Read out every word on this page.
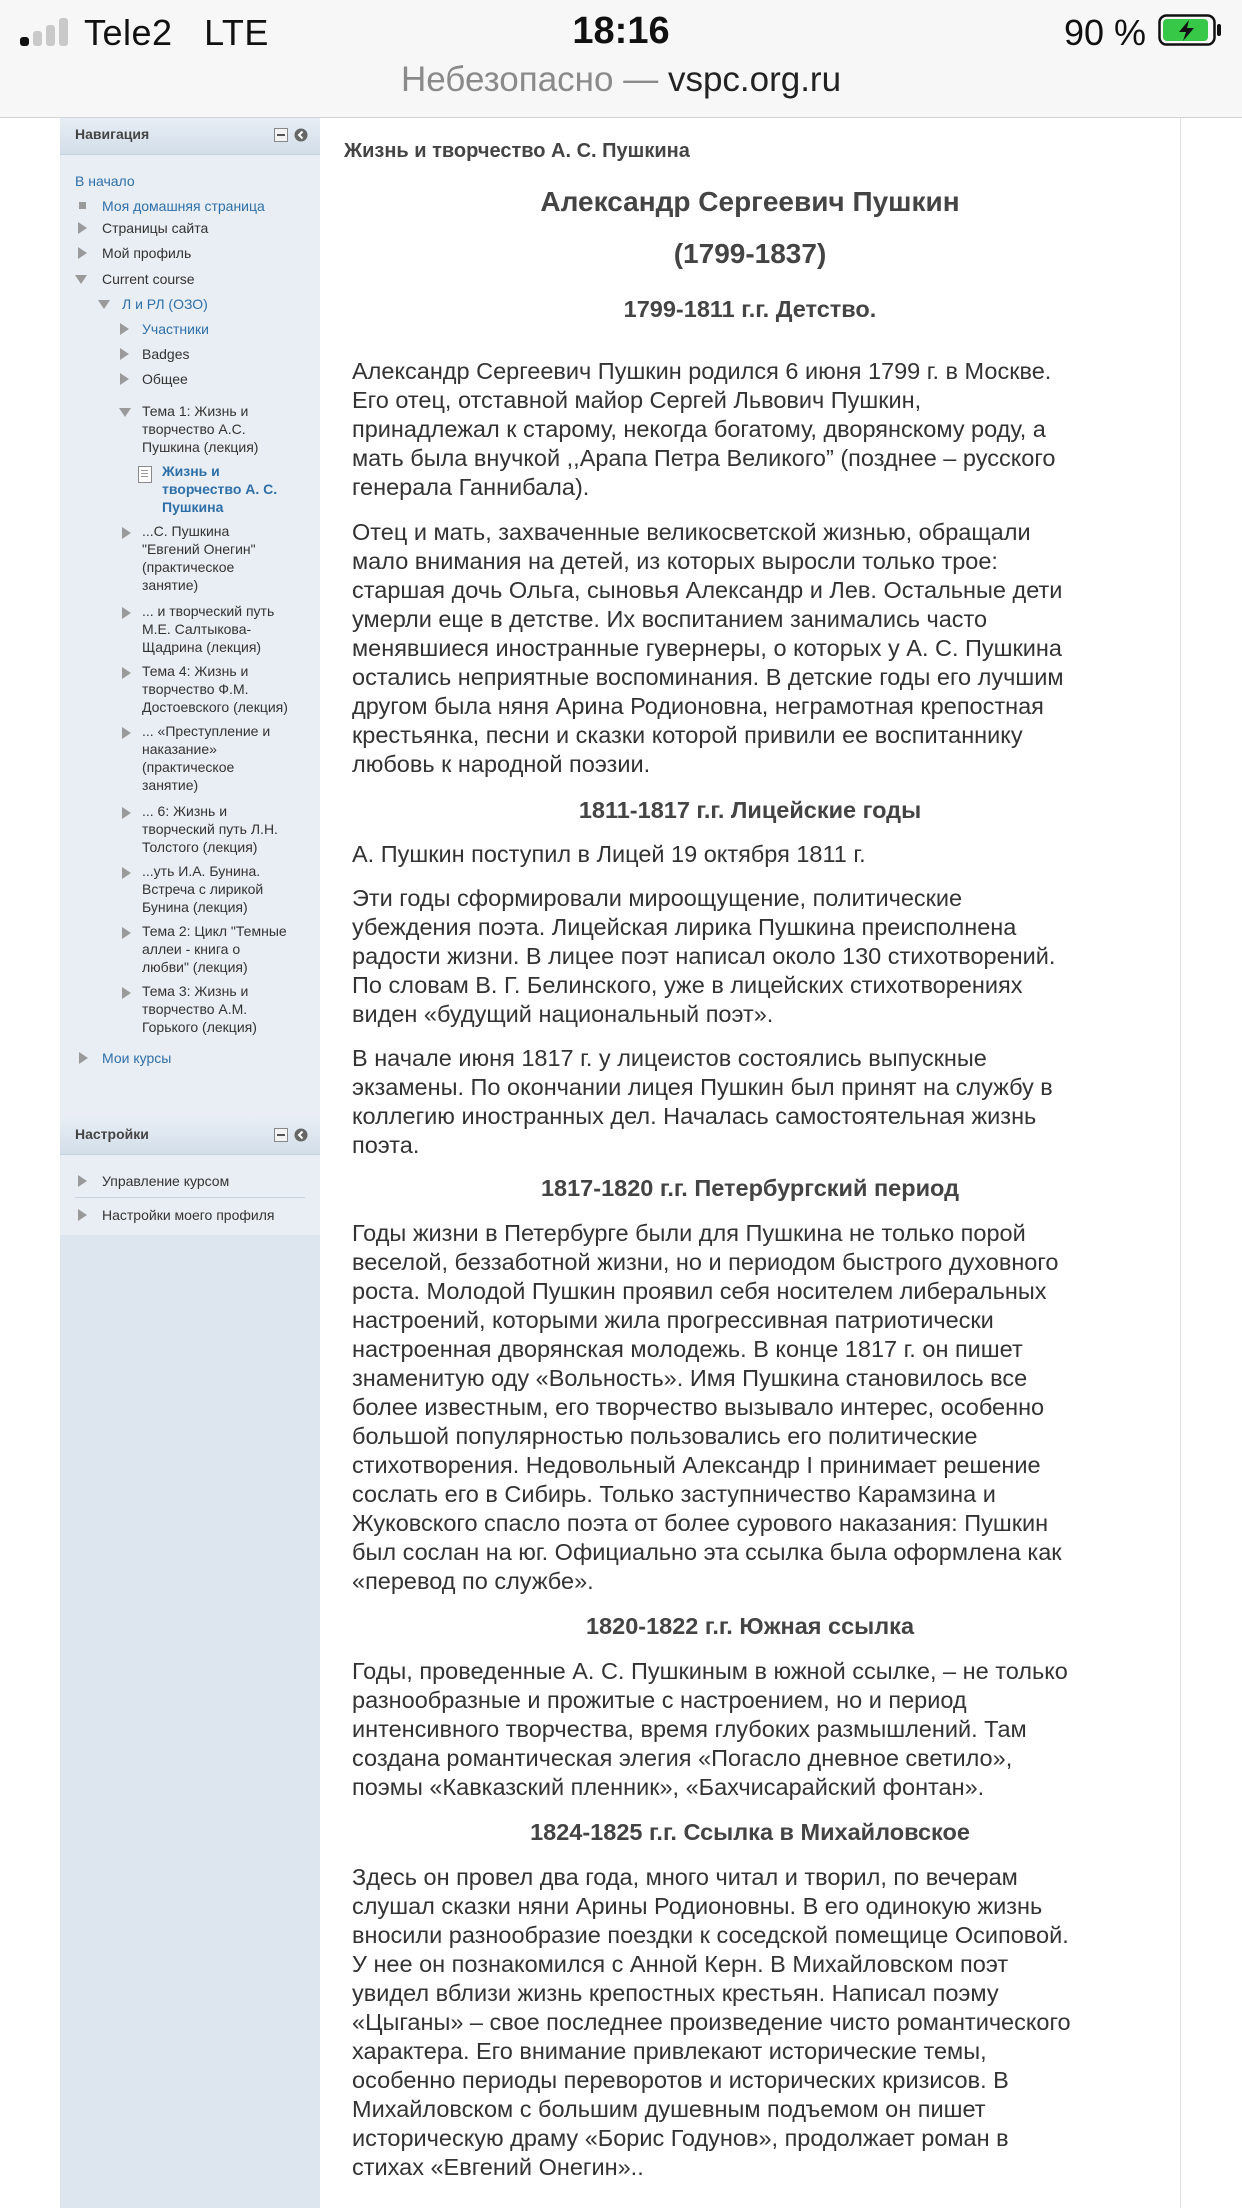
Tele2 LTE	18:16	90 %
Небезопасно — vspc.org.ru
Навигация
В начало
Моя домашняя страница
Страницы сайта
Мой профиль
Current course
Л и РЛ (ОЗО)
Участники
Badges
Общее
Тема 1: Жизнь и
творчество А.С.
Пушкина (лекция)
Жизнь и
творчество А. С.
Пушкина
...С. Пушкина
"Евгений Онегин"
(практическое
занятие)
... и творческий путь
М.Е. Салтыкова-
Щадрина (лекция)
Тема 4: Жизнь и
творчество Ф.М.
Достоевского (лекция)
... «Преступление и
наказание»
(практическое
занятие)
... 6: Жизнь и
творческий путь Л.Н.
Толстого (лекция)
...уть И.А. Бунина.
Встреча с лирикой
Бунина (лекция)
Тема 2: Цикл "Темные
аллеи - книга о
любви" (лекция)
Тема 3: Жизнь и
творчество А.М.
Горького (лекция)
Мои курсы
Настройки
Управление курсом
Настройки моего профиля
Жизнь и творчество А. С. Пушкина
Александр Сергеевич Пушкин
(1799-1837)
1799-1811 г.г. Детство.
Александр Сергеевич Пушкин родился 6 июня 1799 г. в Москве.
Его отец, отставной майор Сергей Львович Пушкин,
принадлежал к старому, некогда богатому, дворянскому роду, а
мать была внучкой ,,Арапа Петра Великого” (позднее – русского
генерала Ганнибала).
Отец и мать, захваченные великосветской жизнью, обращали
мало внимания на детей, из которых выросли только трое:
старшая дочь Ольга, сыновья Александр и Лев. Остальные дети
умерли еще в детстве. Их воспитанием занимались часто
менявшиеся иностранные гувернеры, о которых у А. С. Пушкина
остались неприятные воспоминания. В детские годы его лучшим
другом была няня Арина Родионовна, неграмотная крепостная
крестьянка, песни и сказки которой привили ее воспитаннику
любовь к народной поэзии.
1811-1817 г.г. Лицейские годы
А. Пушкин поступил в Лицей 19 октября 1811 г.
Эти годы сформировали мироощущение, политические
убеждения поэта. Лицейская лирика Пушкина преисполнена
радости жизни. В лицее поэт написал около 130 стихотворений.
По словам В. Г. Белинского, уже в лицейских стихотворениях
виден «будущий национальный поэт».
В начале июня 1817 г. у лицеистов состоялись выпускные
экзамены. По окончании лицея Пушкин был принят на службу в
коллегию иностранных дел. Началась самостоятельная жизнь
поэта.
1817-1820 г.г. Петербургский период
Годы жизни в Петербурге были для Пушкина не только порой
веселой, беззаботной жизни, но и периодом быстрого духовного
роста. Молодой Пушкин проявил себя носителем либеральных
настроений, которыми жила прогрессивная патриотически
настроенная дворянская молодежь. В конце 1817 г. он пишет
знаменитую оду «Вольность». Имя Пушкина становилось все
более известным, его творчество вызывало интерес, особенно
большой популярностью пользовались его политические
стихотворения. Недовольный Александр I принимает решение
сослать его в Сибирь. Только заступничество Карамзина и
Жуковского спасло поэта от более сурового наказания: Пушкин
был сослан на юг. Официально эта ссылка была оформлена как
«перевод по службе».
1820-1822 г.г. Южная ссылка
Годы, проведенные А. С. Пушкиным в южной ссылке, – не только
разнообразные и прожитые с настроением, но и период
интенсивного творчества, время глубоких размышлений. Там
создана романтическая элегия «Погасло дневное светило»,
поэмы «Кавказский пленник», «Бахчисарайский фонтан».
1824-1825 г.г. Ссылка в Михайловское
Здесь он провел два года, много читал и творил, по вечерам
слушал сказки няни Арины Родионовны. В его одинокую жизнь
вносили разнообразие поездки к соседской помещице Осиповой.
У нее он познакомился с Анной Керн. В Михайловском поэт
увидел вблизи жизнь крепостных крестьян. Написал поэму
«Цыганы» – свое последнее произведение чисто романтического
характера. Его внимание привлекают исторические темы,
особенно периоды переворотов и исторических кризисов. В
Михайловском с большим душевным подъемом он пишет
историческую драму «Борис Годунов», продолжает роман в
стихах «Евгений Онегин»..
